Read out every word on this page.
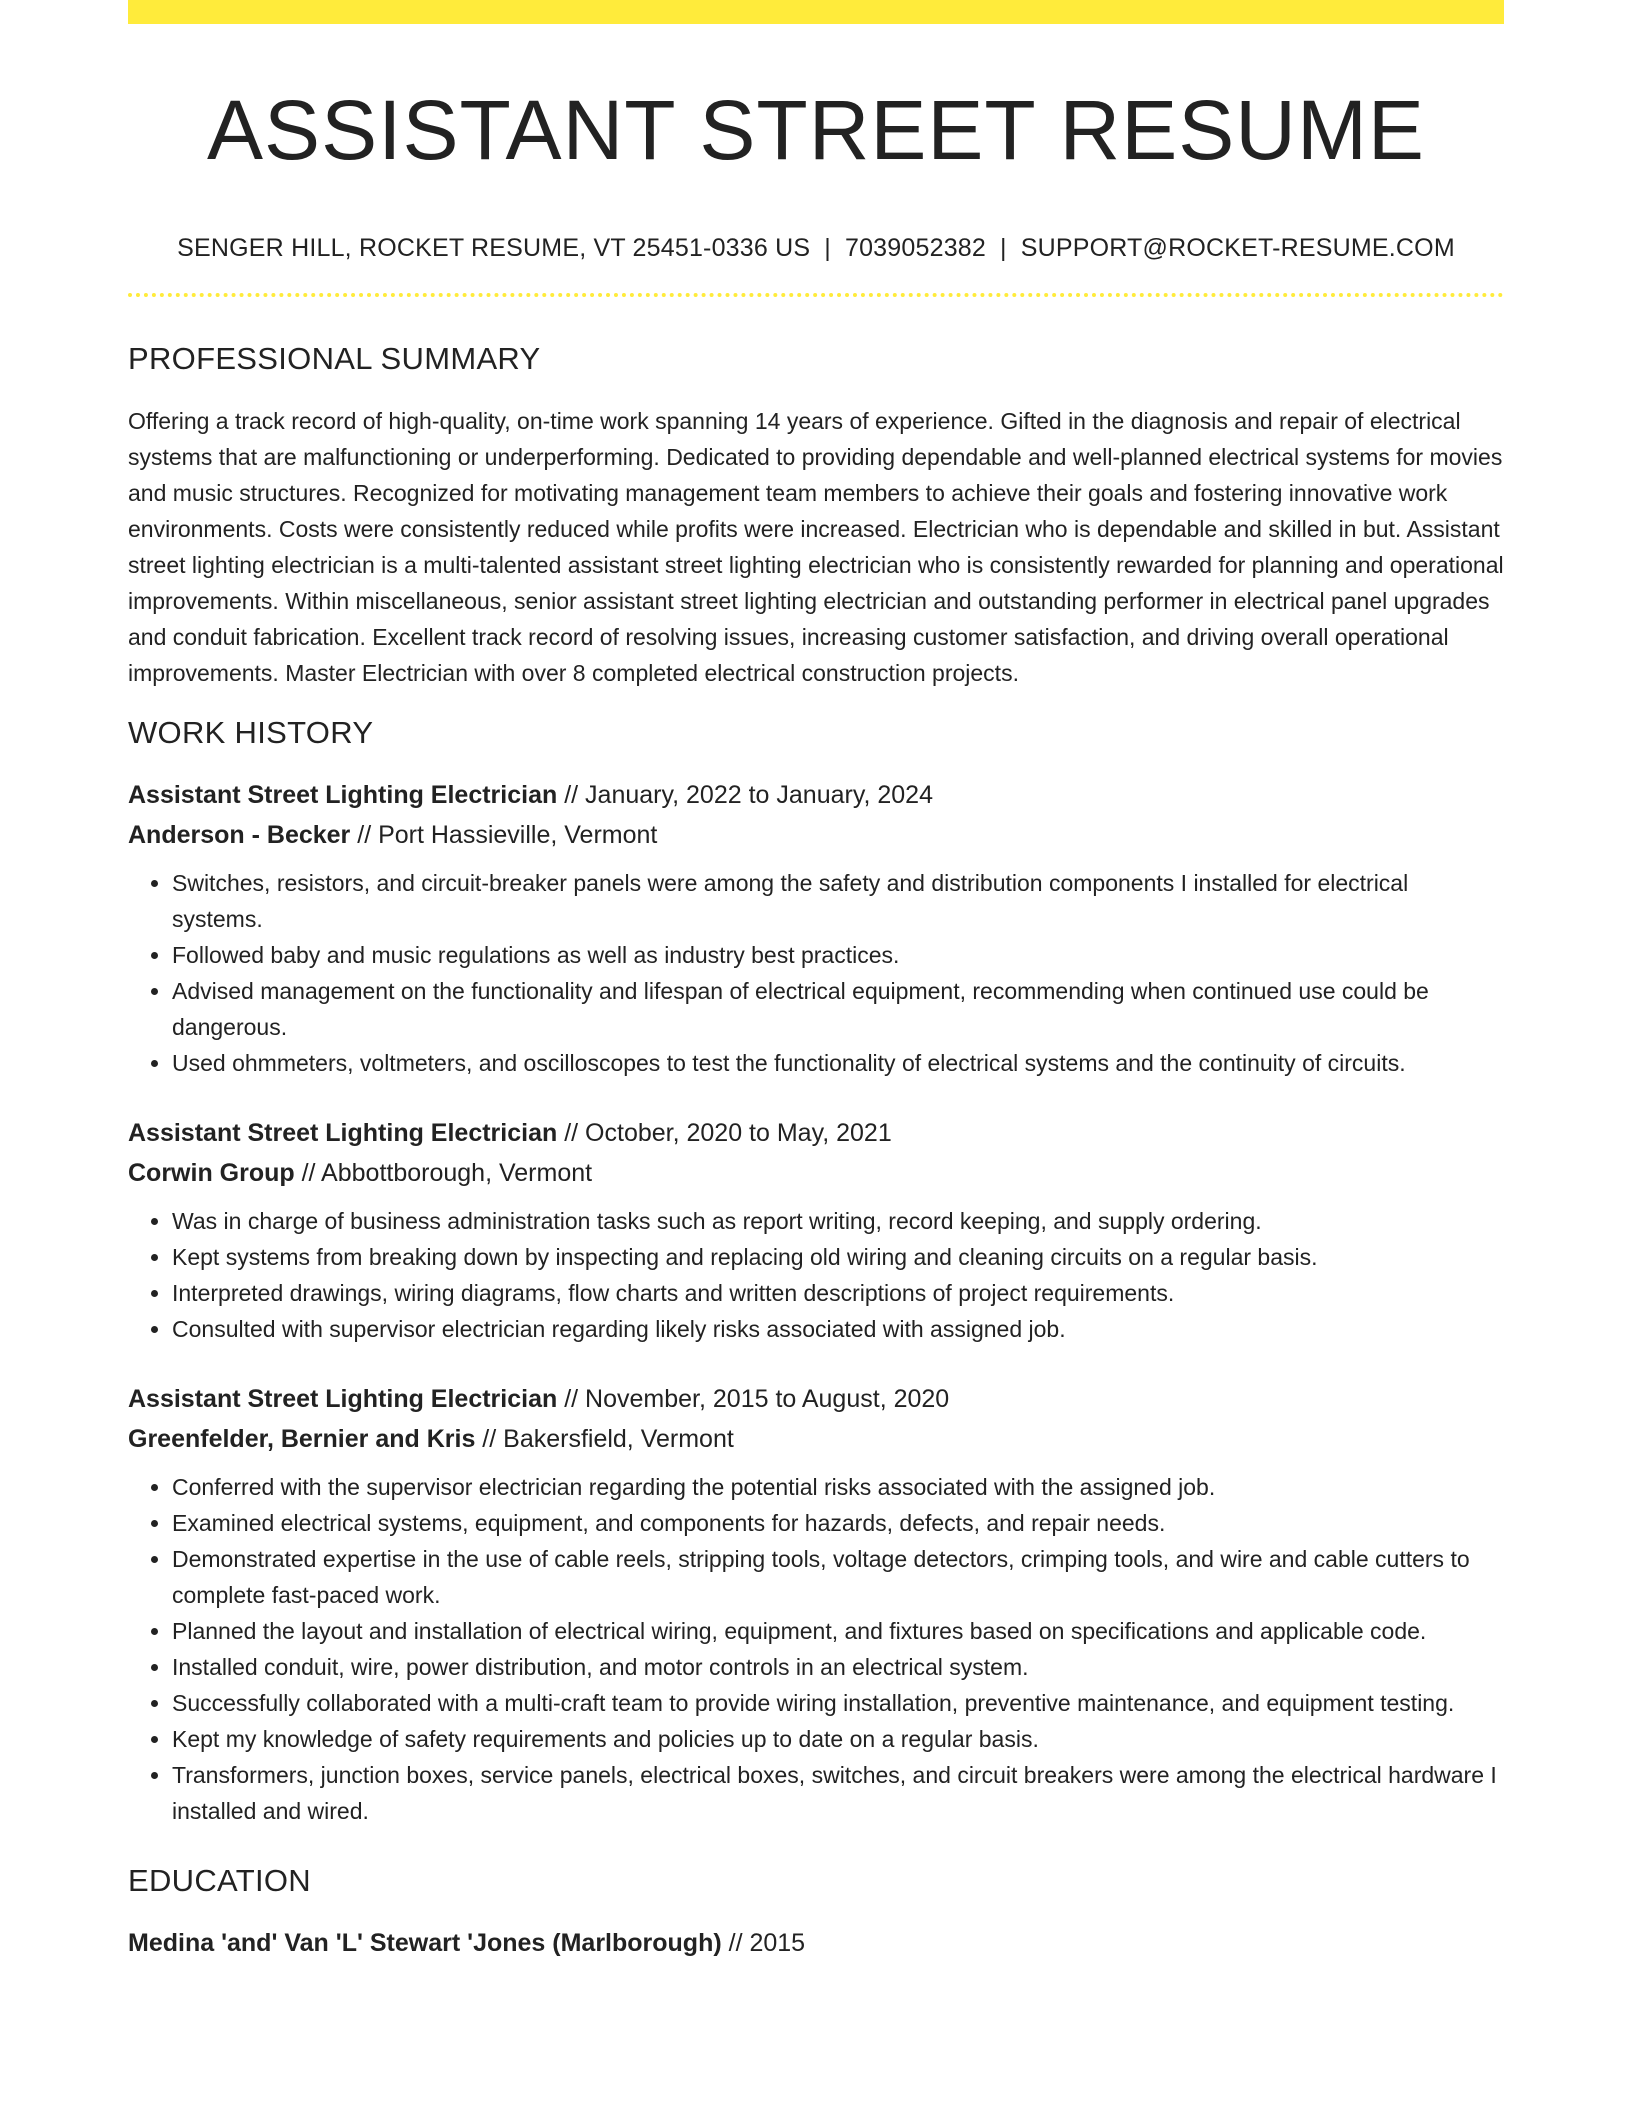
ASSISTANT STREET RESUME
SENGER HILL, ROCKET RESUME, VT 25451-0336 US | 7039052382 | SUPPORT@ROCKET-RESUME.COM
PROFESSIONAL SUMMARY
Offering a track record of high-quality, on-time work spanning 14 years of experience. Gifted in the diagnosis and repair of electrical systems that are malfunctioning or underperforming. Dedicated to providing dependable and well-planned electrical systems for movies and music structures. Recognized for motivating management team members to achieve their goals and fostering innovative work environments. Costs were consistently reduced while profits were increased. Electrician who is dependable and skilled in but. Assistant street lighting electrician is a multi-talented assistant street lighting electrician who is consistently rewarded for planning and operational improvements. Within miscellaneous, senior assistant street lighting electrician and outstanding performer in electrical panel upgrades and conduit fabrication. Excellent track record of resolving issues, increasing customer satisfaction, and driving overall operational improvements. Master Electrician with over 8 completed electrical construction projects.
WORK HISTORY
Assistant Street Lighting Electrician // January, 2022 to January, 2024
Anderson - Becker // Port Hassieville, Vermont
• Switches, resistors, and circuit-breaker panels were among the safety and distribution components I installed for electrical systems.
• Followed baby and music regulations as well as industry best practices.
• Advised management on the functionality and lifespan of electrical equipment, recommending when continued use could be dangerous.
• Used ohmmeters, voltmeters, and oscilloscopes to test the functionality of electrical systems and the continuity of circuits.
Assistant Street Lighting Electrician // October, 2020 to May, 2021
Corwin Group // Abbottborough, Vermont
• Was in charge of business administration tasks such as report writing, record keeping, and supply ordering.
• Kept systems from breaking down by inspecting and replacing old wiring and cleaning circuits on a regular basis.
• Interpreted drawings, wiring diagrams, flow charts and written descriptions of project requirements.
• Consulted with supervisor electrician regarding likely risks associated with assigned job.
Assistant Street Lighting Electrician // November, 2015 to August, 2020
Greenfelder, Bernier and Kris // Bakersfield, Vermont
• Conferred with the supervisor electrician regarding the potential risks associated with the assigned job.
• Examined electrical systems, equipment, and components for hazards, defects, and repair needs.
• Demonstrated expertise in the use of cable reels, stripping tools, voltage detectors, crimping tools, and wire and cable cutters to complete fast-paced work.
• Planned the layout and installation of electrical wiring, equipment, and fixtures based on specifications and applicable code.
• Installed conduit, wire, power distribution, and motor controls in an electrical system.
• Successfully collaborated with a multi-craft team to provide wiring installation, preventive maintenance, and equipment testing.
• Kept my knowledge of safety requirements and policies up to date on a regular basis.
• Transformers, junction boxes, service panels, electrical boxes, switches, and circuit breakers were among the electrical hardware I installed and wired.
EDUCATION
Medina 'and' Van 'L' Stewart 'Jones (Marlborough) // 2015
